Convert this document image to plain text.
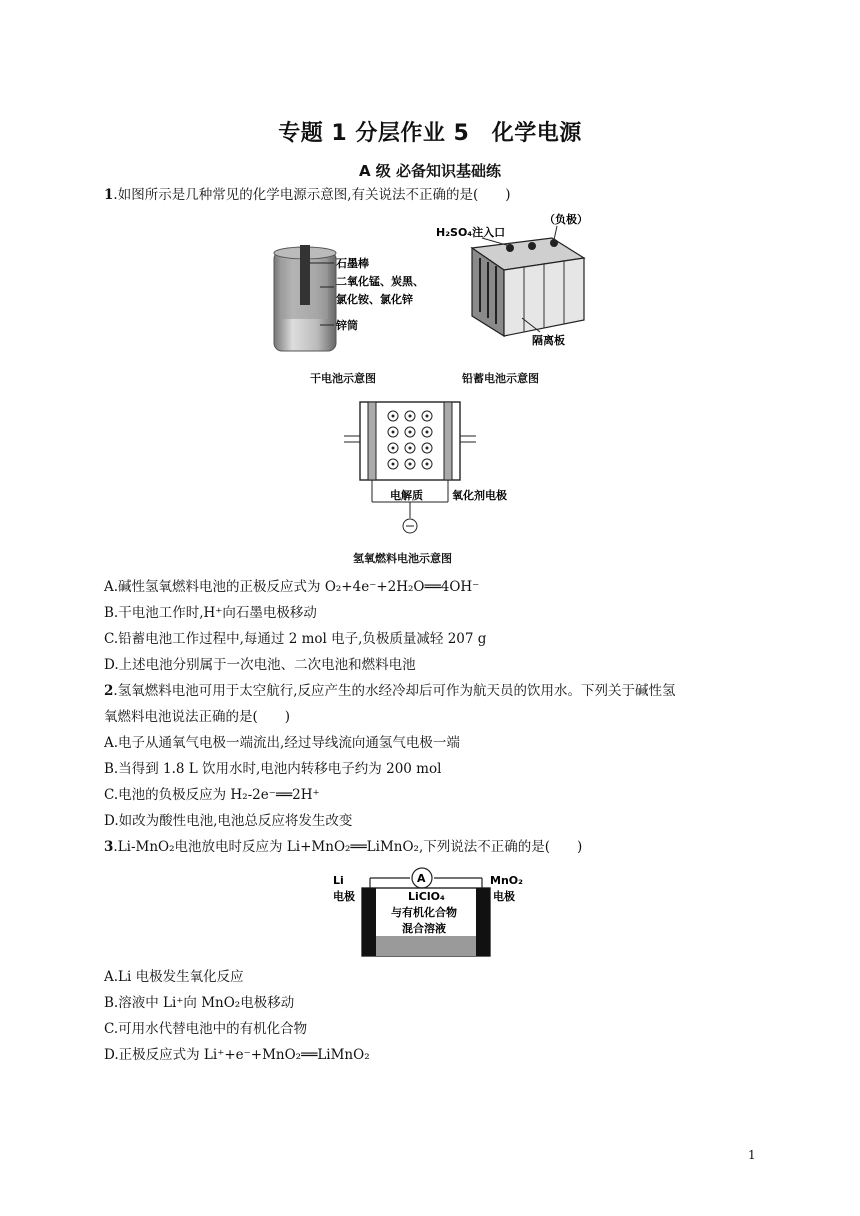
专题 1 分层作业 5　化学电源
A 级 必备知识基础练
1.如图所示是几种常见的化学电源示意图,有关说法不正确的是(　　)
石墨棒
二氧化锰、炭黑、
氯化铵、氯化锌
锌筒
干电池示意图
（负极）
H₂SO₄注入口
隔离板
铅蓄电池示意图
电解质	氧化剂电极
氢氧燃料电池示意图
A.碱性氢氧燃料电池的正极反应式为 O₂+4e⁻+2H₂O══4OH⁻
B.干电池工作时,H⁺向石墨电极移动
C.铅蓄电池工作过程中,每通过 2 mol 电子,负极质量减轻 207 g
D.上述电池分别属于一次电池、二次电池和燃料电池
2.氢氧燃料电池可用于太空航行,反应产生的水经冷却后可作为航天员的饮用水。下列关于碱性氢
氧燃料电池说法正确的是(　　)
A.电子从通氧气电极一端流出,经过导线流向通氢气电极一端
B.当得到 1.8 L 饮用水时,电池内转移电子约为 200 mol
C.电池的负极反应为 H₂-2e⁻══2H⁺
D.如改为酸性电池,电池总反应将发生改变
3.Li-MnO₂电池放电时反应为 Li+MnO₂══LiMnO₂,下列说法不正确的是(　　)
A
Li
电极
MnO₂
电极
LiClO₄
与有机化合物
混合溶液
A.Li 电极发生氧化反应
B.溶液中 Li⁺向 MnO₂电极移动
C.可用水代替电池中的有机化合物
D.正极反应式为 Li⁺+e⁻+MnO₂══LiMnO₂
1
